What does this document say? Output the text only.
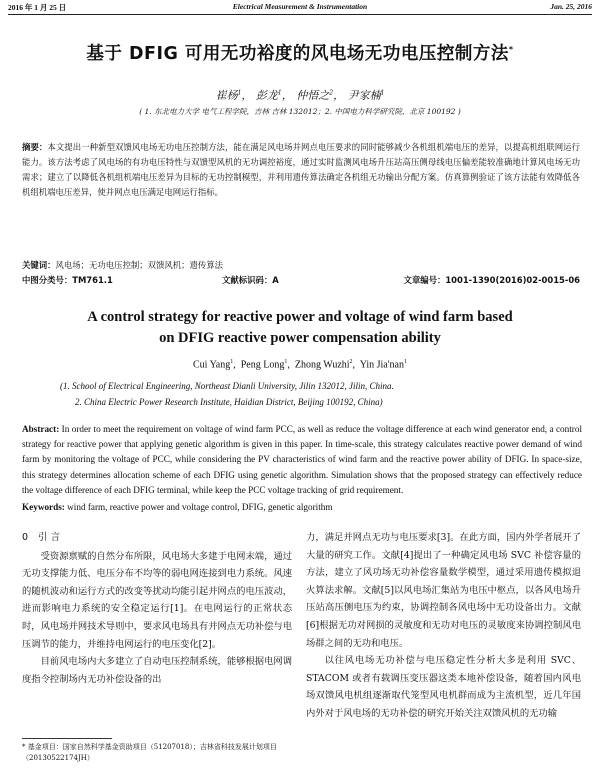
2016 年 1 月 25 日	Electrical Measurement & Instrumentation	Jan. 25, 2016
基于 DFIG 可用无功裕度的风电场无功电压控制方法*
崔杨$^1$， 彭龙$^1$， 仲悟之$^2$， 尹家楠$^1$
( 1. 东北电力大学 电气工程学院，吉林 吉林 132012；2. 中国电力科学研究院，北京 100192 )
摘要：本文提出一种新型双馈风电场无功电压控制方法，能在满足风电场并网点电压要求的同时能够减少各机组机端电压的差异，以提高机组联网运行能力。该方法考虑了风电场的有功电压特性与双馈型风机的无功调控裕度，通过实时监测风电场升压站高压侧母线电压偏差能较准确地计算风电场无功需求；建立了以降低各机组机端电压差异为目标的无功控制模型，并利用遗传算法确定各机组无功输出分配方案。仿真算例验证了该方法能有效降低各机组机端电压差异，使并网点电压满足电网运行指标。
关键词：风电场；无功电压控制；双馈风机；遗传算法
中图分类号：TM761.1	文献标识码：A	文章编号：1001-1390(2016)02-0015-06
A control strategy for reactive power and voltage of wind farm based
on DFIG reactive power compensation ability
Cui Yang$^1$,  Peng Long$^1$,  Zhong Wuzhi$^2$,  Yin Jia'nan$^1$
(1. School of Electrical Engineering, Northeast Dianli University, Jilin 132012, Jilin, China.
2. China Electric Power Research Institute, Haidian District, Beijing 100192, China)
Abstract: In order to meet the requirement on voltage of wind farm PCC, as well as reduce the voltage difference at each wind generator end, a control strategy for reactive power that applying genetic algorithm is given in this paper. In time-scale, this strategy calculates reactive power demand of wind farm by monitoring the voltage of PCC, while considering the PV characteristics of wind farm and the reactive power ability of DFIG. In space-size, this strategy determines allocation scheme of each DFIG using genetic algorithm. Simulation shows that the proposed strategy can effectively reduce the voltage difference of each DFIG terminal, while keep the PCC voltage tracking of grid requirement.
Keywords: wind farm, reactive power and voltage control, DFIG, genetic algorithm
0 引 言

受资源禀赋的自然分布所限，风电场大多建于电网末端，通过无功支撑能力低、电压分布不均等的弱电网连接到电力系统。风速的随机波动和运行方式的改变等扰动均能引起并网点的电压波动，进而影响电力系统的安全稳定运行[1]。在电网运行的正常状态时，风电场并网技术导则中，要求风电场具有并网点无功补偿与电压调节的能力，并维持电网运行的电压变化[2]。

目前风电场内大多建立了自动电压控制系统，能够根据电网调度指令控制场内无功补偿设备的出

力，满足并网点无功与电压要求[3]。在此方面，国内外学者展开了大量的研究工作。文献[4]提出了一种确定风电场 SVC 补偿容量的方法，建立了风功场无功补偿容量数学模型，通过采用遗传模拟退火算法求解。文献[5]以风电场汇集站为电压中枢点，以各风电场升压站高压侧电压为约束，协调控制各风电场中无功设备出力。文献[6]根据无功对网损的灵敏度和无功对电压的灵敏度来协调控制风电场群之间的无功和电压。

以往风电场无功补偿与电压稳定性分析大多是利用 SVC、STACOM 或者有载调压变压器这类本地补偿设备，随着国内风电场双馈风电机组逐渐取代笼型风电机群而成为主流机型，近几年国内外对于风电场的无功补偿的研究开始关注双馈风机的无功输

* 基金项目：国家自然科学基金资助项目（51207018）；吉林省科技发展计划项目（20130522174JH）
